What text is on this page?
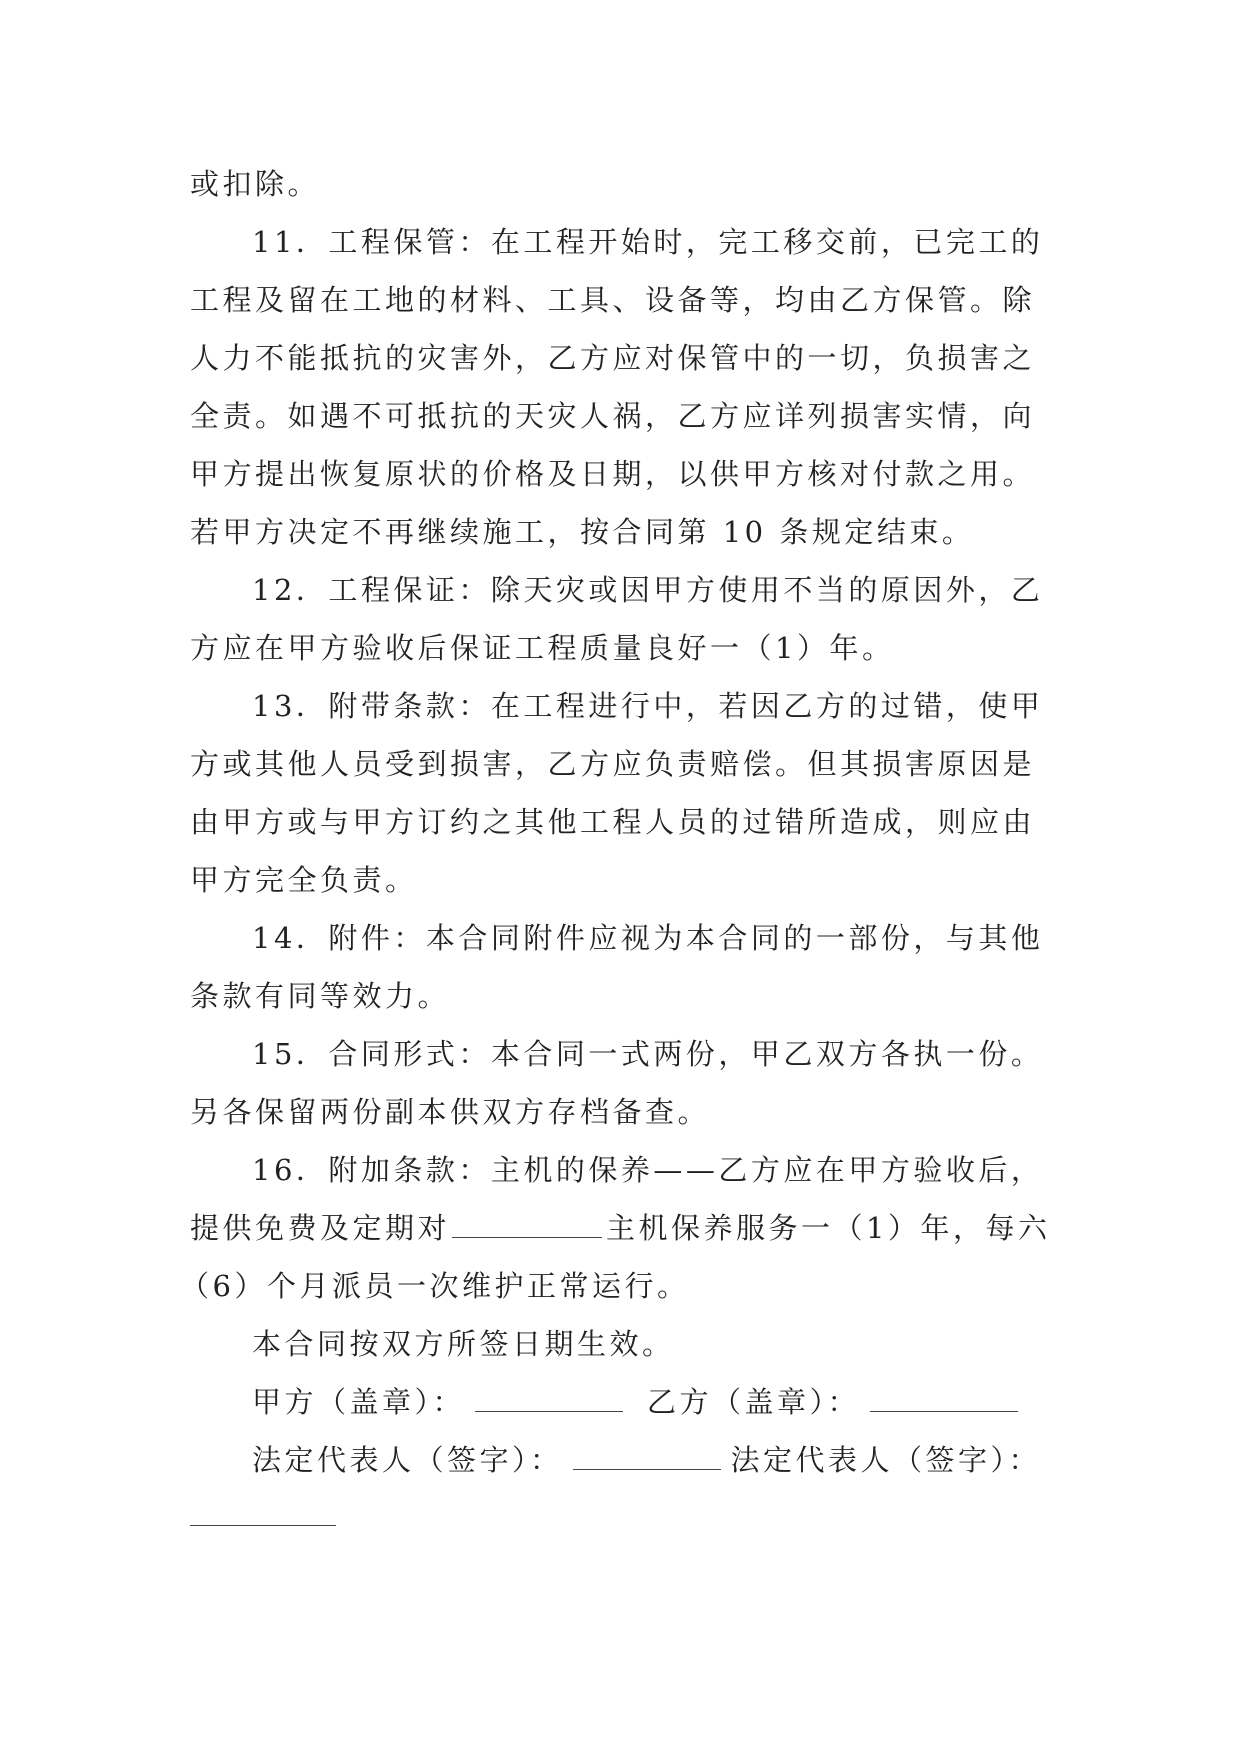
或扣除。
11．工程保管：在工程开始时，完工移交前，已完工的
工程及留在工地的材料、工具、设备等，均由乙方保管。除
人力不能抵抗的灾害外，乙方应对保管中的一切，负损害之
全责。如遇不可抵抗的天灾人祸，乙方应详列损害实情，向
甲方提出恢复原状的价格及日期，以供甲方核对付款之用。
若甲方决定不再继续施工，按合同第 10 条规定结束。
12．工程保证：除天灾或因甲方使用不当的原因外，乙
方应在甲方验收后保证工程质量良好一（1）年。
13．附带条款：在工程进行中，若因乙方的过错，使甲
方或其他人员受到损害，乙方应负责赔偿。但其损害原因是
由甲方或与甲方订约之其他工程人员的过错所造成，则应由
甲方完全负责。
14．附件：本合同附件应视为本合同的一部份，与其他
条款有同等效力。
15．合同形式：本合同一式两份，甲乙双方各执一份。
另各保留两份副本供双方存档备查。
16．附加条款：主机的保养——乙方应在甲方验收后，
提供免费及定期对	主机保养服务一（1）年，每六
（6）个月派员一次维护正常运行。
本合同按双方所签日期生效。
甲方（盖章）：	乙方（盖章）：
法定代表人（签字）：	法定代表人（签字）：
